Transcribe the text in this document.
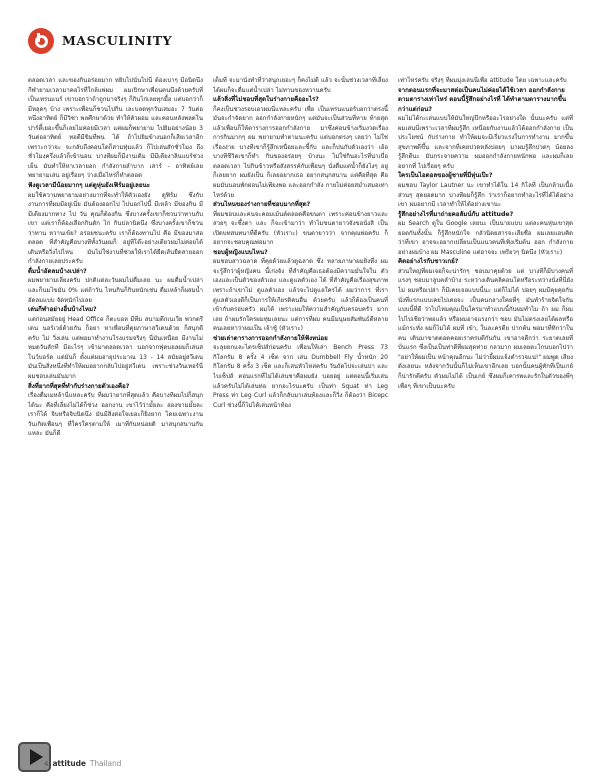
MASCULINITY

ตลอดเวลา และของกินอร่อยมาก หยิบไปนั่นไปนี่ ต้องเบาๆ มีอนิดนึง กีฬายามเวลามาคอไรที่ใกล้แพ่ผม ผมเปิกษาเพื่อนคนนึงด้วยครับที่เป็นเทรนแนร์ เขาบอกว่าถ้าถูกมาจริงๆ ก็กินไก่เลยทุกมื้อ แต่บอกว่าก็มีหลุดๆ บ้าง เพราะเพื่อนก็ชวนไปกิน เละบลดทุกวันเสมอะ 7 วันต่อหนึ่งอาทิตย์ ก็มีวิชา พลศึกษาด้วย ทำให้ตัวผอม และคอนหลังพลดโน ปาร์ตี้เยอะขึ้นก็เลยไม่ค่อยมีเวลา แต่ผมก็พยายาม ไปยิมอย่างน้อย 3 วันต่ออาทิตย์ ทอดีมีขิมที่พน ได้ ถ้าไปยิมข้างนอกก็เสียเวลาอีก เพราะกว่าจะ จะกลับถึงคอนโดก็สามทุ่มแล้ว ก็ไปเล่นสักชั่วโมง ถึงชั่วโมงครึ่งแล้วก็เข้านอน บางทีผมก็มีงานเดิม มีมีเดียงาลินแบร์ช่วงเย็น มันทำให้หาเวลายอก กำลังกายลำบาก เสาร์ - อาทิตย์เลยพยายามเล่น อยู่เรื่อยๆ ว่างเมื่อไหร่ก็ทำตลอด

ฟังดูเวลามีน้อยมากๆ แต่ดูหุ่นยังเฟิร์มอยู่เลยนะ

ผมใช้ความพยายามอย่างมากที่จะทำให้ตัวเองยัง ดูฟิร์ม ซึ่งกับงานการที่ผมมีอยู่เนี่ย มันต้องออกไป ไปนอกไปนี้ มีเหล้า มีของกิน มีมีเดียงมากทาง ไป วัน คุณก็ต้องกิน ชึ่งบางครั้งเขาก็ชวนว่าทานกับเขา แต่เราก็ต้องเลือกกินดัก ไก่ กินปลานิดนึง ซึ่งบางครั้งเขาก็ชวนว่าทาน หวานเข้ย? อร่อยชนะครับ เราก็ต้องทานไป คือ มีของมาส่อตลอด ที่สำคัญคือบางทีทั้งวันผมก็ อยู่ที่โต๊ะอย่างเดียวผมไม่ค่อยได้เดินหรือวิ่งไปไหน มันไม่ใช่งานที่ช่วยให้เราได้ยืดเส้นยืดสายออก กำลังกายเลยประครับ

ดื่มน้ำอัดลมบ้างเปล่า?

ผมพยายามเลี่ยงครับ ปกติแต่ละวันผมไม่ดื่มเลย นะ ผมดื่มน้ำเปล่าและก็นมไขมัน 0% แต่ถ้าวัน ไหนกินก็กินหนักเช่น ดื่มเหล้าก็ผสมน้ำอัดลมแบบ จัดหนักไปเลย

เล่นกีฬาอย่างอื่นบ้างไหม?

แต่ก่อนสมัยอยู่ Head Office ก็ตะบอล มีทีม สนามตึกเนเวีย พวกตรีเดน นอร์เวย์ด้วยกัน ก็อยา หาเพื่อนที่คุยภาษาสวีเดนด้วย ก็สนุกดีครับ ไม่ วิ่งเล่น แต่พอมาทำงานโรงแรมจริงๆ นี่มันเหนื่อย มีงานไม่หมดวันสักที มีอะไรๆ เข้ามาตลอดเวลา นอกจากฟุตบอลผมก็เล่นสโนว์บอร์ด แต่มันก็ ตั้งแต่ผมอายุประมาณ 13 - 14 สมัยอยู่สวีเดน มันเป็นสิ่งหนึ่งที่ทำให้ผมอยากกลับไปอยู่สวีเดน เพราะช่วงวินเทอร์นี่ผมชอบเล่นมันมาก

สิ่งที่ยากที่สุดที่ทำกับร่างกายตัวเองคือ?

เรื่องดื่มเมหล้านี่แหละครับ ที่ผมว่ายากที่สุดแล้ว คือบางทีผมไปก็สนุกได้นะ คือที่เลี่ยงไม่ได้ก็ช่วง ออกงาน เขาไว้ว่ามั้ยละ ลองขามมั้ยละ เราก็ได้ จิบหรือจิบนิดนึง มันมีสิ่งต่อใจเยอะก็ยิ่งยาก โดยเฉพาะงานวันเกิดเพื่อนๆ ที่ใครใครตามให้ เมาที่กันหน่อยดิ มาสนุกสนานกันแหละ มันก็ดี

เต็มที่ จะมานั่งทำที่ว่าสนุกเยอะๆ ก็คงไม่ดี แล้ว จะนั้นช่วงเวลาที่เลี่ยงได้ผมก็จะดื่มแต่น้ำเปล่า ไม่ทานของหวานครับ

แล้วสิ่งที่ไม่ชอบที่สุดในร่างกายคืออะไร?

ก็คงเป็นช่วงรอบเอวผมนี่แหละครับ เพื่อ เป็นเทรนแนอร์บอกว่าตรงนี้มันจะกำจัดยาก ออกกำลังกายหนักๆ แต่มันจะเป็นส่วนที่หาย ท้ายสุด แล้วเพื่อนก็ให้ตารางการออกกำลังกาย มาซึ่งค่อนข้างเริ่มงวดเรื่องการกินมากๆ ผม พยายามทำตามนะครับ แต่บอกตรงๆ เลยว่า ไม่ใช่เรื่องง่าย บางทีเขาก็รู้สึกเหนื่อยและชี้กับ และก็ปนกับตัวเองว่า เฮ้อ บางทีชีวิตเขาก็ทำ กินของอร่อยๆ บ้างนะ ไม่ใช่กินอะไรที่น่าเบื่อ ตลอดเวลา ไปกินข้าวหรือสังสรรค์กับเพื่อนๆ นั่งดื่มแต่น้ำก็ยังไงๆ อยู่ ก็เลยยาก ผมยังเป็น ก็เลยอยากเธอ อยากสนุกสนาน แต่คือที่สุด คือผมมันนอนพักผ่อนไม่เพียงพอ และออกกำลัง กายไม่ค่อยสม่ำเสมอเท่าไหร่ด้วย

ส่วนไหนของร่างกายที่ชอบมากที่สุด?

ที่ผมชอบและคนจะคอมเม้นต์ตลอดคือขนตา เพราะค่อนข้างยาวและสวยๆ จะซึ้งตา และ ก็จะเข้ามาว่า ทำไมขนตายาวจังขอนั่งสิ เป็น เปิดบทสนทนาที่ดีครับ (หัวเราะ) ขนตายาวว่า จากคุณพ่อครับ ก็อยากจะชอบคุณพ่อมาก

ชอบผู้หญิงแบบไหน?

ผมชอบสาวฉลาด ที่คุยด้วยแล้วดูฉลาด ซึ่ง หลายภาษาผมยิ่งทึ่ง ผมจะรู้สึกว่าผู้หญิงคน นี้เก่งจัง ที่สำคัญคือเธอต้องมีความมั่นใจใน ตัวเองและเป็นตัวของตัวเอง และดูแลตัวเอง ได้ ที่สำคัญคือเรื่องสุขภาพ เพราะถ้าเขาไม่ ดูแลตัวเอง แล้วจะไปดูแลใครได้ ผมว่าการ ที่เราดูแลตัวเองดีก็เป็นการให้เกียรติคนอื่น ด้วยครับ แล้วก็ต้องเป็นคนที่เข้ากับครอบครัว ผมได้ เพราะผมให้ความสำคัญกับครอบครัว มากเลย ถ้าผมรักใครผมทุ่มเลยนะ แต่การที่ผม คนมีมนุษยสัมพันธ์ดีหลายคนเลยหาว่าผมเป็น เจ้าชู้ (หัวเราะ)

ช่วยเล่าตารางการออกกำลังกายให้ฟังหน่อย

จะลุยยกและไตรเซ็ปส์ก่อนครับ เพื่อนให้เล่า Bench Press 73 กิโลกรัม 8 ครั้ง 4 เซ็ต จาก เล่น Dumbbell Fly น้ำหนัก 20 กิโลกรัม 8 ครั้ง 3 เซ็ต และก็เล่นหัวไหล่ครับ วันถัดไปจะเล่นบ่า และไบเซ็ปส์ ตอนแรกที่ไม่ได้เล่นชาคือผมยัง บอยอยู่ แต่ตอนนี้เริ่มเล่นแล้วครับไม่ได้เล่นท่อ ยากอะไรนะครับ เป็นท่า Squat ท่า Leg Press ท่า Leg Curl แล้วก็กลับมาเล่นท้องและก็วิ่ง ก็ต้องว่า Bicepc Curl ช่วงนี้ก็ไม่ได้เล่นหน้าท้อง

เท่าไหร่ครับ จริงๆ ที่ผมมุ่งเล่นนี่เพื่อ attitude โดย เฉพาะและครับ

จากตอนแรกที่จะมาสต่อเป็นคนไม่ค่อยได้ใช้เวลา ออกกำลังกายตามตารางเท่าไหร่ ตอนนี้รู้สึกอย่างไรที่ ได้ทำตามตารางมากขึ้นกว่าแต่ก่อน?

ผมไม่ได้กะเล่นแบบให้มันใหญ่ปึกหรืออะไรอย่างใด นั้นนะครับ แต่ที่ผมเล่นนี่เพราะเวลาที่ผมรู้สึก เหนื่อยกับงานแล้วได้ออกกำลังกาย เป็นประโยชน์ กับร่างกาย ทำให้ผมจะมีเรี่ยวแรงในการทำงาน มากขึ้น สุขภาพดีขึ้น และจากที่เคยปวดหลังบ่อยๆ มาผมรู้สึกปวดๆ น้อยลงรู้สึกดีนะ มันกระจายความ ผมออกกำลังกายหนักพอ และผมก็เลยอยากที่ ไปเรื่อยๆ ครับ

ใครเป็นไอดอลของผู้ชายที่มีหุ่นเป๊ะ?

ผมชอบ Taylor Lautner นะ เขาทำได้ใน 14 กิโลที่ เป็นกล้ามเนื้อส่วนๆ สุดยอดมาก บางทีผมก็รู้สึก ว่าเราก็อยากทำอะไรที่ได้ได้อย่างเขา ผมอยากมี เวลาทำให้ได้อย่างเขานะ

รู้สึกอย่างไรที่มาถ่ายคอลัมน์กับ attitude?

ผม Search ดูใน Google เลยนะ เป็นนายแบบ แต่ละคนหุ่นเขาสุดยอดกันทั้งนั้น ก็รู้สึกหนักใจ กลัวนิตยสารจะเสียชื่อ ผมเลยแอบคิดว่าที่เขา อาจจะอยากเปลี่ยนเป็นแนวคนที่เพิ่งเริ่มต้น ออก กำลังกายอย่างผมบ้าง ผม Masculine แต่อาจจะ เพรียวๆ นิดนึง (หัวเราะ)

คิดอย่างไรกับชาวเกย์?

ส่วนใหญ่ที่ผมเจอก็จะน่ารักๆ ชอบมาคุยด้วย แต่ บางทีก็มีบางคนที่แรงๆ ชอบมาลูบคลำบ้าง ระหว่างเดินคลิคอนโดหรือระหว่างนั่งที่นี่ยังไม่ ผมหรือเปล่า ก็มีเคยเจอแบบนี้นะ แต่ก็ไม่ได้ ปอยๆ ผมมีคุยคุยกันนั่งที่แรกแบบเคยไปเคยจะ เป็นคนกลางใคยที่ๆ มันทำร้ายจิตใจกันแบบนี้ที่ดี ว่าไปไหมคุณเป็นใครมาทำแบบนี้กับผมทำไม ถ้า ผม ก็ผมไปไปเชียว่าพอแล้ว หรือผมอาจแรงกว่า ชอบ มันไม่ตรงเลยได้ผลหรือแม้กระทั่ง ผมก็ไม่ได้ ผมที่ เข้า, ในละครดีย ปากต้น พอมาที่ทิกว่าใน คน เดินมาขาดตอดคอยเราครบดีกันกัน เขาอาจดีกว่า ระยาดเลยที่บั่นแรก ซึ่งเป็นเป็นท่าดีที่ผมสุดท่าย กลวมาก ผมเลยตะโกนบอกไปว่า "อย่าให้ผมเป็น หน้าคุณอีกนะ ไม่ว่ายี้ผมแจ้งตำรวจแน่!" ผมพูด เสียงดังเลยนะ หลังจากวันนั้นก็ไม่เห็นเขาอีกเลย บอกนั้นคนผู้ทักที่เป็นเกย์ก็น่ารักดีครับ ตัวผมไม่ได้ เป็นเกย์ ซึ่งผมก็เคารพและรักในตัวของพี่ๆ เพื่อๆ ที่เขาเป็นนะครับ

4 attitude Thailand
